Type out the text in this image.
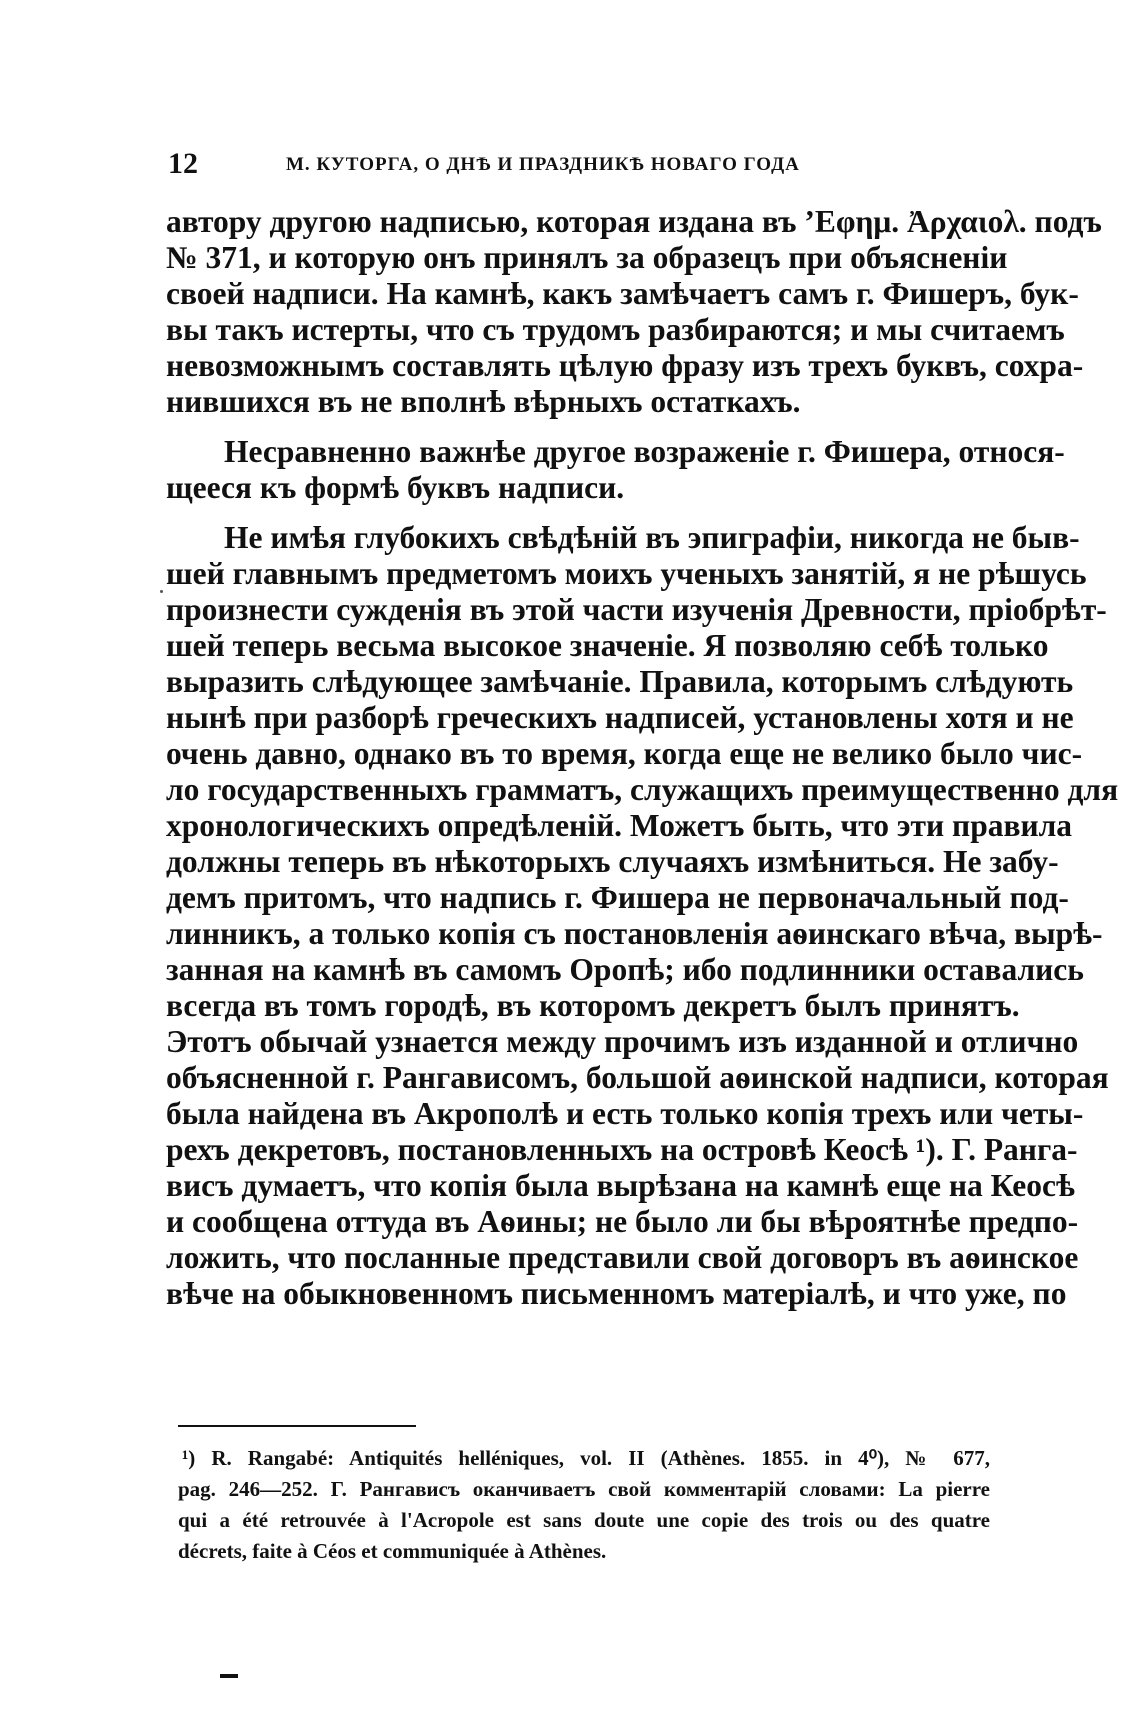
12	М. КУТОРГА, О ДНѢ И ПРАЗДНИКѢ НОВАГО ГОДА
автору другою надписью, которая издана въ ʼΕφημ. Ἀρχαιολ. подъ
№ 371, и которую онъ принялъ за образецъ при объясненіи
своей надписи. На камнѣ, какъ замѣчаетъ самъ г. Фишеръ, бук-
вы такъ истерты, что съ трудомъ разбираются; и мы считаемъ
невозможнымъ составлять цѣлую фразу изъ трехъ буквъ, сохра-
нившихся въ не вполнѣ вѣрныхъ остаткахъ.
Несравненно важнѣе другое возраженіе г. Фишера, относя-
щееся къ формѣ буквъ надписи.
Не имѣя глубокихъ свѣдѣній въ эпиграфіи, никогда не быв-
шей главнымъ предметомъ моихъ ученыхъ занятій, я не рѣшусь
произнести сужденія въ этой части изученія Древности, пріобрѣт-
шей теперь весьма высокое значеніе. Я позволяю себѣ только
выразить слѣдующее замѣчаніе. Правила, которымъ слѣдують
нынѣ при разборѣ греческихъ надписей, установлены хотя и не
очень давно, однако въ то время, когда еще не велико было чис-
ло государственныхъ грамматъ, служащихъ преимущественно для
хронологическихъ опредѣленій. Можетъ быть, что эти правила
должны теперь въ нѣкоторыхъ случаяхъ измѣниться. Не забу-
демъ притомъ, что надпись г. Фишера не первоначальный под-
линникъ, а только копія съ постановленія аѳинскаго вѣча, вырѣ-
занная на камнѣ въ самомъ Оропѣ; ибо подлинники оставались
всегда въ томъ городѣ, въ которомъ декретъ былъ принятъ.
Этотъ обычай узнается между прочимъ изъ изданной и отлично
объясненной г. Рангависомъ, большой аѳинской надписи, которая
была найдена въ Акрополѣ и есть только копія трехъ или четы-
рехъ декретовъ, постановленныхъ на островѣ Кеосѣ ¹). Г. Ранга-
висъ думаетъ, что копія была вырѣзана на камнѣ еще на Кеосѣ
и сообщена оттуда въ Аѳины; не было ли бы вѣроятнѣе предпо-
ложить, что посланные представили свой договоръ въ аѳинское
вѣче на обыкновенномъ письменномъ матеріалѣ, и что уже, по
¹) R. Rangabé: Antiquités helléniques, vol. II (Athènes. 1855. in 4⁰), № 677,
pag. 246—252. Г. Рангависъ оканчиваетъ свой комментарій словами: La pierre
qui a été retrouvée à l'Acropole est sans doute une copie des trois ou des quatre
décrets, faite à Céos et communiquée à Athènes.
